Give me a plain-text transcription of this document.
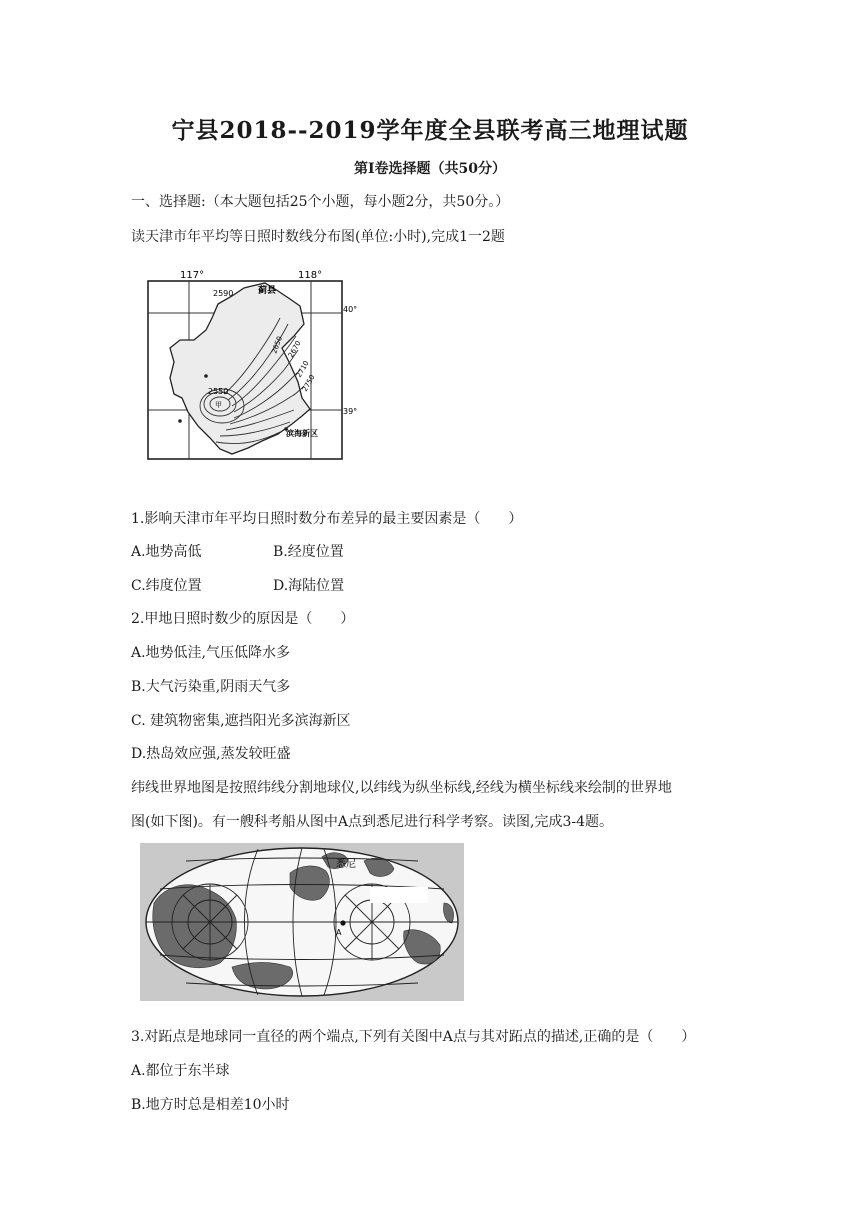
宁县2018--2019学年度全县联考高三地理试题
第Ⅰ卷选择题（共50分）
一、选择题:（本大题包括25个小题，每小题2分，共50分。）
读天津市年平均等日照时数线分布图(单位:小时),完成1一2题
117°	118°
40°
39°
2590	蓟县
2650 2670
2710
2750
2550
甲
滨海新区
1.影响天津市年平均日照时数分布差异的最主要因素是（　　）
A.地势高低	B.经度位置
C.纬度位置	D.海陆位置
2.甲地日照时数少的原因是（　　）
A.地势低洼,气压低降水多
B.大气污染重,阴雨天气多
C. 建筑物密集,遮挡阳光多滨海新区
D.热岛效应强,蒸发较旺盛
纬线世界地图是按照纬线分割地球仪,以纬线为纵坐标线,经线为横坐标线来绘制的世界地
图(如下图)。有一艘科考船从图中A点到悉尼进行科学考察。读图,完成3-4题。
A
悉尼
3.对跖点是地球同一直径的两个端点,下列有关图中A点与其对跖点的描述,正确的是（　　）
A.都位于东半球
B.地方时总是相差10小时
